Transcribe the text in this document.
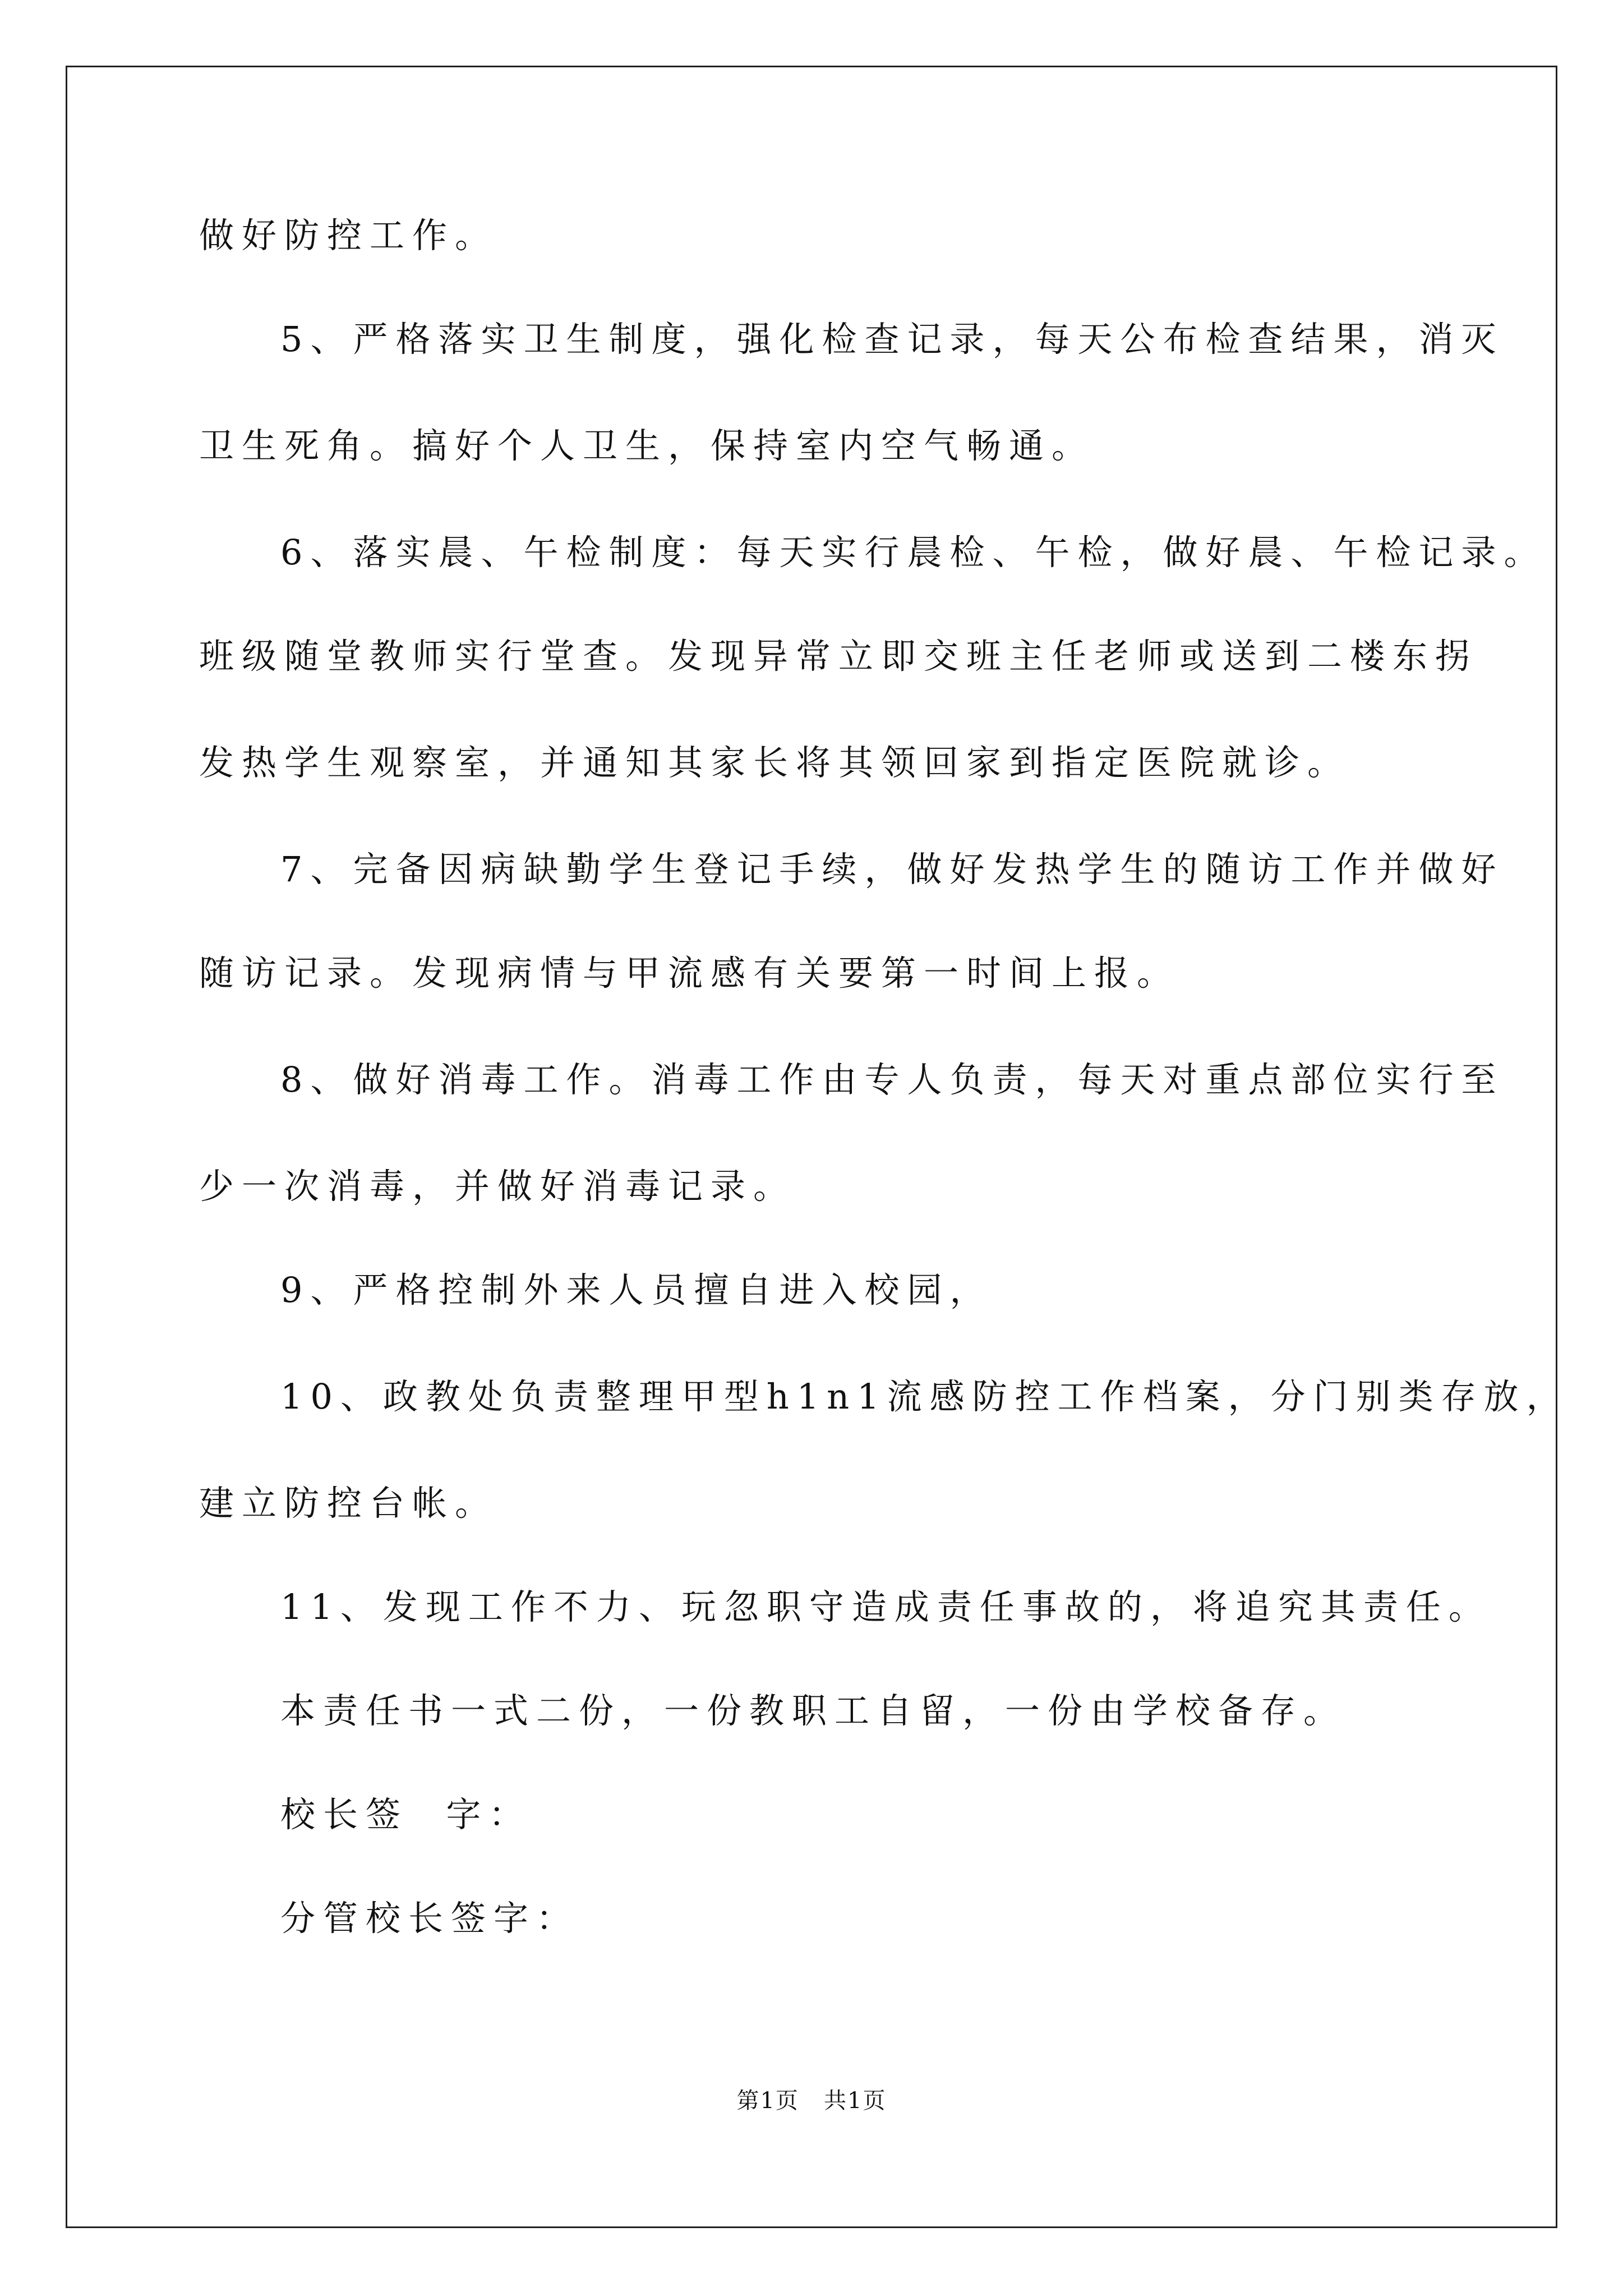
做好防控工作。
5、严格落实卫生制度，强化检查记录，每天公布检查结果，消灭
卫生死角。搞好个人卫生，保持室内空气畅通。
6、落实晨、午检制度：每天实行晨检、午检，做好晨、午检记录。
班级随堂教师实行堂查。发现异常立即交班主任老师或送到二楼东拐
发热学生观察室，并通知其家长将其领回家到指定医院就诊。
7、完备因病缺勤学生登记手续，做好发热学生的随访工作并做好
随访记录。发现病情与甲流感有关要第一时间上报。
8、做好消毒工作。消毒工作由专人负责，每天对重点部位实行至
少一次消毒，并做好消毒记录。
9、严格控制外来人员擅自进入校园，
10、政教处负责整理甲型h1n1流感防控工作档案，分门别类存放，
建立防控台帐。
11、发现工作不力、玩忽职守造成责任事故的，将追究其责任。
本责任书一式二份，一份教职工自留，一份由学校备存。
校长签  字：
分管校长签字：
第1页   共1页
